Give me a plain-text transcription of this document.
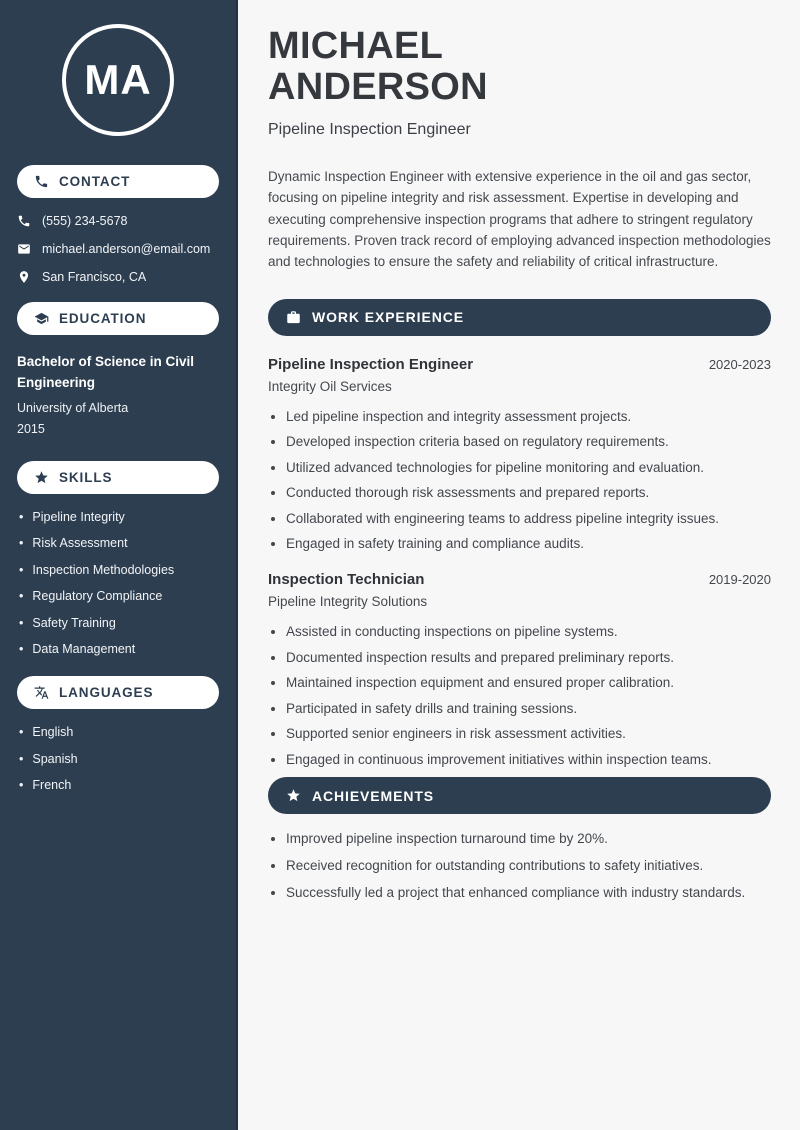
MA
CONTACT
(555) 234-5678
michael.anderson@email.com
San Francisco, CA
EDUCATION
Bachelor of Science in Civil Engineering
University of Alberta
2015
SKILLS
• Pipeline Integrity
• Risk Assessment
• Inspection Methodologies
• Regulatory Compliance
• Safety Training
• Data Management
LANGUAGES
• English
• Spanish
• French
MICHAEL
ANDERSON
Pipeline Inspection Engineer

Dynamic Inspection Engineer with extensive experience in the oil and gas sector, focusing on pipeline integrity and risk assessment. Expertise in developing and executing comprehensive inspection programs that adhere to stringent regulatory requirements. Proven track record of employing advanced inspection methodologies and technologies to ensure the safety and reliability of critical infrastructure.

WORK EXPERIENCE
Pipeline Inspection Engineer	2020-2023
Integrity Oil Services
• Led pipeline inspection and integrity assessment projects.
• Developed inspection criteria based on regulatory requirements.
• Utilized advanced technologies for pipeline monitoring and evaluation.
• Conducted thorough risk assessments and prepared reports.
• Collaborated with engineering teams to address pipeline integrity issues.
• Engaged in safety training and compliance audits.
Inspection Technician	2019-2020
Pipeline Integrity Solutions
• Assisted in conducting inspections on pipeline systems.
• Documented inspection results and prepared preliminary reports.
• Maintained inspection equipment and ensured proper calibration.
• Participated in safety drills and training sessions.
• Supported senior engineers in risk assessment activities.
• Engaged in continuous improvement initiatives within inspection teams.
ACHIEVEMENTS
• Improved pipeline inspection turnaround time by 20%.
• Received recognition for outstanding contributions to safety initiatives.
• Successfully led a project that enhanced compliance with industry standards.
